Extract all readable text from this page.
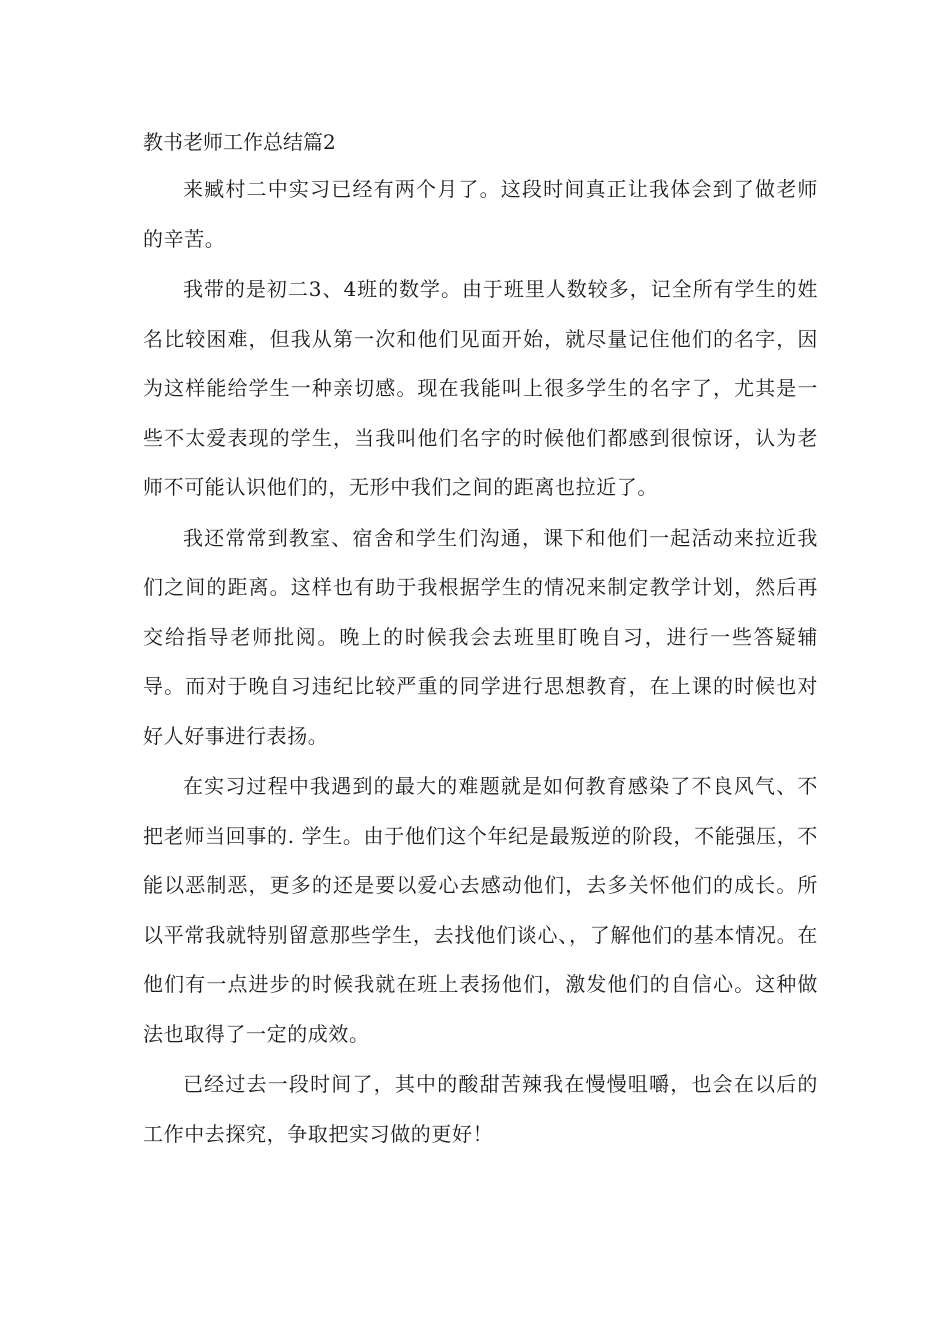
教书老师工作总结篇2

来臧村二中实习已经有两个月了。这段时间真正让我体会到了做老师的辛苦。

我带的是初二3、4班的数学。由于班里人数较多，记全所有学生的姓名比较困难，但我从第一次和他们见面开始，就尽量记住他们的名字，因为这样能给学生一种亲切感。现在我能叫上很多学生的名字了，尤其是一些不太爱表现的学生，当我叫他们名字的时候他们都感到很惊讶，认为老师不可能认识他们的，无形中我们之间的距离也拉近了。

我还常常到教室、宿舍和学生们沟通，课下和他们一起活动来拉近我们之间的距离。这样也有助于我根据学生的情况来制定教学计划，然后再交给指导老师批阅。晚上的时候我会去班里盯晚自习，进行一些答疑辅导。而对于晚自习违纪比较严重的同学进行思想教育，在上课的时候也对好人好事进行表扬。

在实习过程中我遇到的最大的难题就是如何教育感染了不良风气、不把老师当回事的. 学生。由于他们这个年纪是最叛逆的阶段，不能强压，不能以恶制恶，更多的还是要以爱心去感动他们，去多关怀他们的成长。所以平常我就特别留意那些学生，去找他们谈心、，了解他们的基本情况。在他们有一点进步的时候我就在班上表扬他们，激发他们的自信心。这种做法也取得了一定的成效。

已经过去一段时间了，其中的酸甜苦辣我在慢慢咀嚼，也会在以后的工作中去探究，争取把实习做的更好！
